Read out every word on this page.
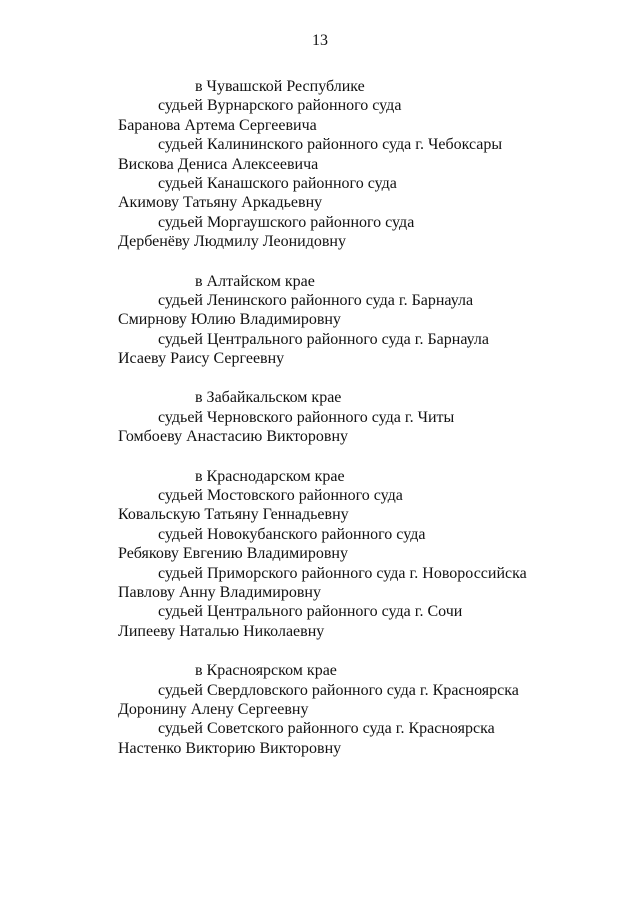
13
в Чувашской Республике
судьей Вурнарского районного суда
Баранова Артема Сергеевича
судьей Калининского районного суда г. Чебоксары
Вискова Дениса Алексеевича
судьей Канашского районного суда
Акимову Татьяну Аркадьевну
судьей Моргаушского районного суда
Дербенёву Людмилу Леонидовну
в Алтайском крае
судьей Ленинского районного суда г. Барнаула
Смирнову Юлию Владимировну
судьей Центрального районного суда г. Барнаула
Исаеву Раису Сергеевну
в Забайкальском крае
судьей Черновского районного суда г. Читы
Гомбоеву Анастасию Викторовну
в Краснодарском крае
судьей Мостовского районного суда
Ковальскую Татьяну Геннадьевну
судьей Новокубанского районного суда
Ребякову Евгению Владимировну
судьей Приморского районного суда г. Новороссийска
Павлову Анну Владимировну
судьей Центрального районного суда г. Сочи
Липееву Наталью Николаевну
в Красноярском крае
судьей Свердловского районного суда г. Красноярска
Доронину Алену Сергеевну
судьей Советского районного суда г. Красноярска
Настенко Викторию Викторовну
